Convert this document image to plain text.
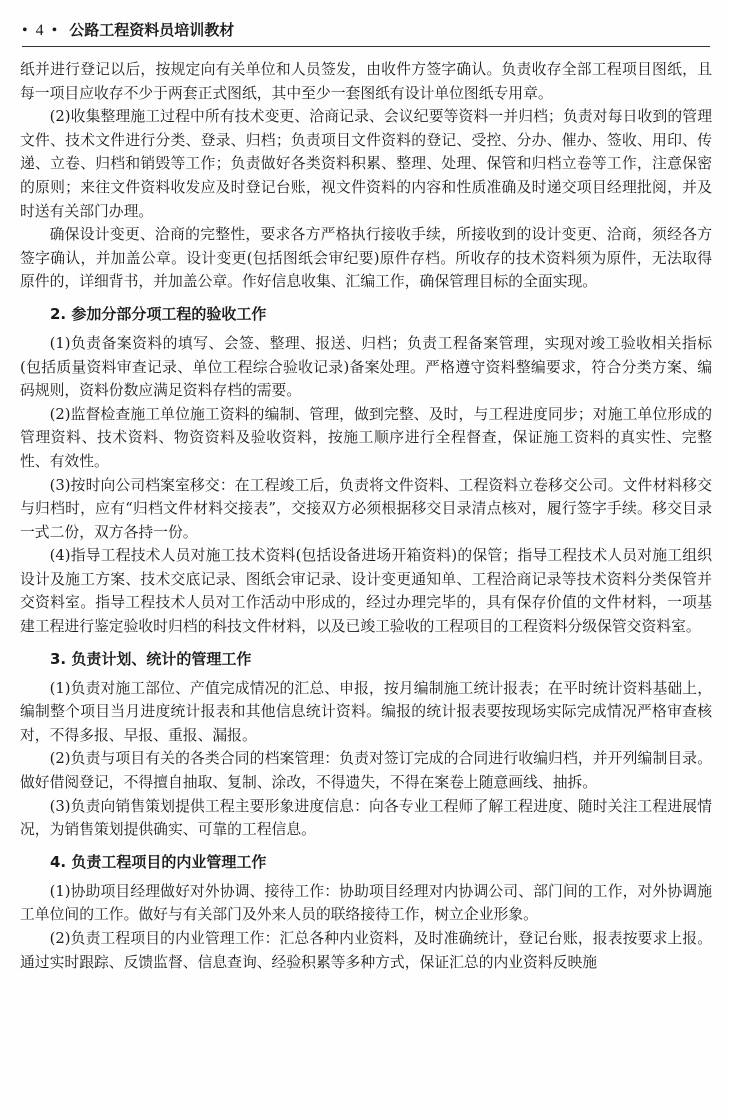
• 4 • 公路工程资料员培训教材

纸并进行登记以后，按规定向有关单位和人员签发，由收件方签字确认。负责收存全部工程项目图纸，且每一项目应收存不少于两套正式图纸，其中至少一套图纸有设计单位图纸专用章。

(2)收集整理施工过程中所有技术变更、洽商记录、会议纪要等资料一并归档；负责对每日收到的管理文件、技术文件进行分类、登录、归档；负责项目文件资料的登记、受控、分办、催办、签收、用印、传递、立卷、归档和销毁等工作；负责做好各类资料积累、整理、处理、保管和归档立卷等工作，注意保密的原则；来往文件资料收发应及时登记台账，视文件资料的内容和性质准确及时递交项目经理批阅，并及时送有关部门办理。

确保设计变更、洽商的完整性，要求各方严格执行接收手续，所接收到的设计变更、洽商，须经各方签字确认，并加盖公章。设计变更(包括图纸会审纪要)原件存档。所收存的技术资料须为原件，无法取得原件的，详细背书，并加盖公章。作好信息收集、汇编工作，确保管理目标的全面实现。

2. 参加分部分项工程的验收工作

(1)负责备案资料的填写、会签、整理、报送、归档；负责工程备案管理，实现对竣工验收相关指标(包括质量资料审查记录、单位工程综合验收记录)备案处理。严格遵守资料整编要求，符合分类方案、编码规则，资料份数应满足资料存档的需要。

(2)监督检查施工单位施工资料的编制、管理，做到完整、及时，与工程进度同步；对施工单位形成的管理资料、技术资料、物资资料及验收资料，按施工顺序进行全程督查，保证施工资料的真实性、完整性、有效性。

(3)按时向公司档案室移交：在工程竣工后，负责将文件资料、工程资料立卷移交公司。文件材料移交与归档时，应有“归档文件材料交接表”，交接双方必须根据移交目录清点核对，履行签字手续。移交目录一式二份，双方各持一份。

(4)指导工程技术人员对施工技术资料(包括设备进场开箱资料)的保管；指导工程技术人员对施工组织设计及施工方案、技术交底记录、图纸会审记录、设计变更通知单、工程洽商记录等技术资料分类保管并交资料室。指导工程技术人员对工作活动中形成的，经过办理完毕的，具有保存价值的文件材料，一项基建工程进行鉴定验收时归档的科技文件材料，以及已竣工验收的工程项目的工程资料分级保管交资料室。

3. 负责计划、统计的管理工作

(1)负责对施工部位、产值完成情况的汇总、申报，按月编制施工统计报表；在平时统计资料基础上，编制整个项目当月进度统计报表和其他信息统计资料。编报的统计报表要按现场实际完成情况严格审查核对，不得多报、早报、重报、漏报。

(2)负责与项目有关的各类合同的档案管理：负责对签订完成的合同进行收编归档，并开列编制目录。做好借阅登记，不得擅自抽取、复制、涂改，不得遗失，不得在案卷上随意画线、抽拆。

(3)负责向销售策划提供工程主要形象进度信息：向各专业工程师了解工程进度、随时关注工程进展情况，为销售策划提供确实、可靠的工程信息。

4. 负责工程项目的内业管理工作

(1)协助项目经理做好对外协调、接待工作：协助项目经理对内协调公司、部门间的工作，对外协调施工单位间的工作。做好与有关部门及外来人员的联络接待工作，树立企业形象。

(2)负责工程项目的内业管理工作：汇总各种内业资料，及时准确统计，登记台账，报表按要求上报。通过实时跟踪、反馈监督、信息查询、经验积累等多种方式，保证汇总的内业资料反映施
